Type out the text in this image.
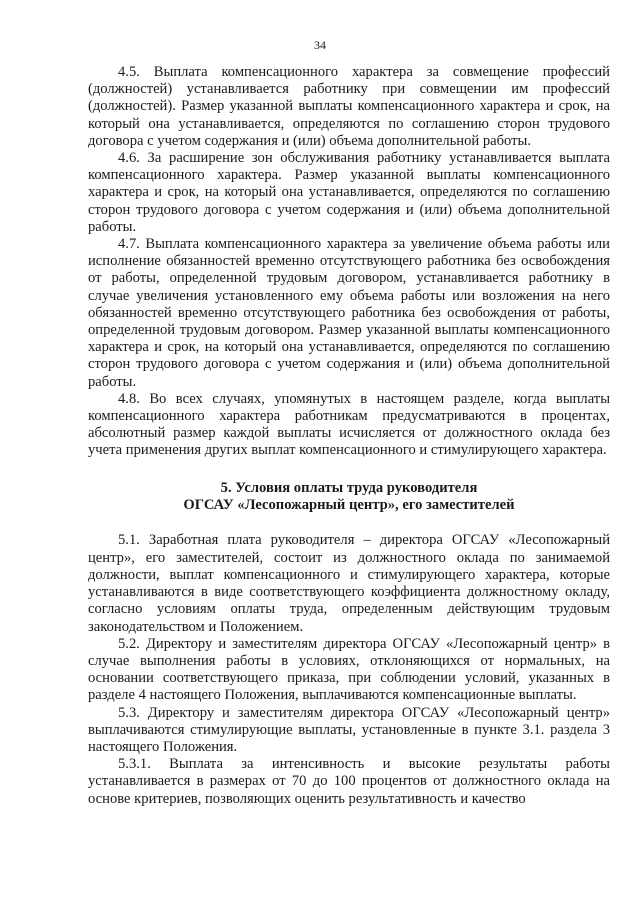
34

4.5. Выплата компенсационного характера за совмещение профессий (должностей) устанавливается работнику при совмещении им профессий (должностей). Размер указанной выплаты компенсационного характера и срок, на который она устанавливается, определяются по соглашению сторон трудового договора с учетом содержания и (или) объема дополнительной работы.

4.6. За расширение зон обслуживания работнику устанавливается выплата компенсационного характера. Размер указанной выплаты компенсационного характера и срок, на который она устанавливается, определяются по соглашению сторон трудового договора с учетом содержания и (или) объема дополнительной работы.

4.7. Выплата компенсационного характера за увеличение объема работы или исполнение обязанностей временно отсутствующего работника без освобождения от работы, определенной трудовым договором, устанавливается работнику в случае увеличения установленного ему объема работы или возложения на него обязанностей временно отсутствующего работника без освобождения от работы, определенной трудовым договором. Размер указанной выплаты компенсационного характера и срок, на который она устанавливается, определяются по соглашению сторон трудового договора с учетом содержания и (или) объема дополнительной работы.

4.8. Во всех случаях, упомянутых в настоящем разделе, когда выплаты компенсационного характера работникам предусматриваются в процентах, абсолютный размер каждой выплаты исчисляется от должностного оклада без учета применения других выплат компенсационного и стимулирующего характера.

5. Условия оплаты труда руководителя
ОГСАУ «Лесопожарный центр», его заместителей

5.1. Заработная плата руководителя – директора ОГСАУ «Лесопожарный центр», его заместителей, состоит из должностного оклада по занимаемой должности, выплат компенсационного и стимулирующего характера, которые устанавливаются в виде соответствующего коэффициента должностному окладу, согласно условиям оплаты труда, определенным действующим трудовым законодательством и Положением.

5.2. Директору и заместителям директора ОГСАУ «Лесопожарный центр» в случае выполнения работы в условиях, отклоняющихся от нормальных, на основании соответствующего приказа, при соблюдении условий, указанных в разделе 4 настоящего Положения, выплачиваются компенсационные выплаты.

5.3. Директору и заместителям директора ОГСАУ «Лесопожарный центр» выплачиваются стимулирующие выплаты, установленные в пункте 3.1. раздела 3 настоящего Положения.

5.3.1. Выплата за интенсивность и высокие результаты работы устанавливается в размерах от 70 до 100 процентов от должностного оклада на основе критериев, позволяющих оценить результативность и качество
